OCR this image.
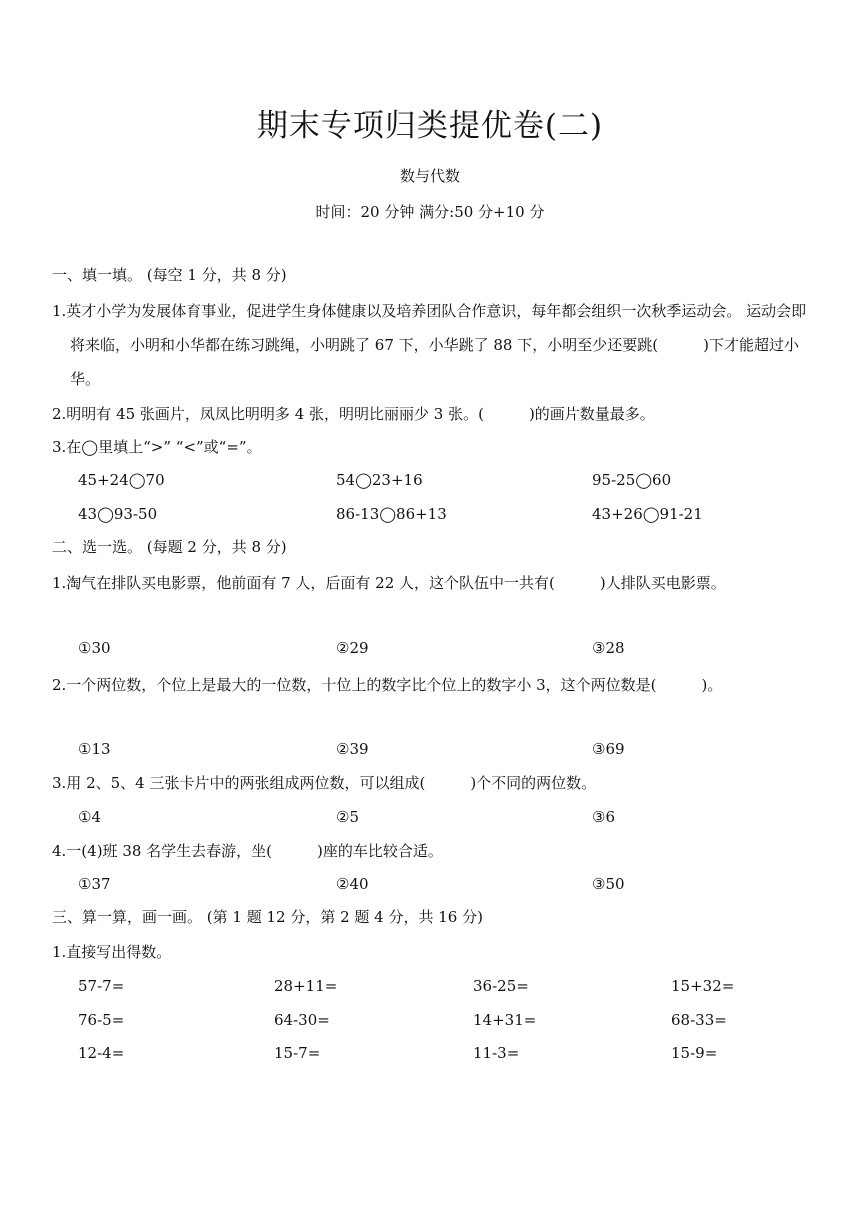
期末专项归类提优卷(二)
数与代数
时间：20 分钟 满分:50 分+10 分
一、填一填。 (每空 1 分，共 8 分)
1.英才小学为发展体育事业，促进学生身体健康以及培养团队合作意识，每年都会组织一次秋季运动会。 运动会即将来临，小明和小华都在练习跳绳，小明跳了 67 下，小华跳了 88 下，小明至少还要跳(　　　)下才能超过小华。
2.明明有 45 张画片，凤凤比明明多 4 张，明明比丽丽少 3 张。(　　　)的画片数量最多。
3.在◯里填上“>” “<”或“=”。
45+24◯70	54◯23+16	95-25◯60
43◯93-50	86-13◯86+13	43+26◯91-21
二、选一选。 (每题 2 分，共 8 分)
1.淘气在排队买电影票，他前面有 7 人，后面有 22 人，这个队伍中一共有(　　　)人排队买电影票。
①30	②29	③28
2.一个两位数，个位上是最大的一位数，十位上的数字比个位上的数字小 3，这个两位数是(　　　)。
①13	②39	③69
3.用 2、5、4 三张卡片中的两张组成两位数，可以组成(　　　)个不同的两位数。
①4	②5	③6
4.一(4)班 38 名学生去春游，坐(　　　)座的车比较合适。
①37	②40	③50
三、算一算，画一画。 (第 1 题 12 分，第 2 题 4 分，共 16 分)
1.直接写出得数。
57-7=	28+11=	36-25=	15+32=
76-5=	64-30=	14+31=	68-33=
12-4=	15-7=	11-3=	15-9=
